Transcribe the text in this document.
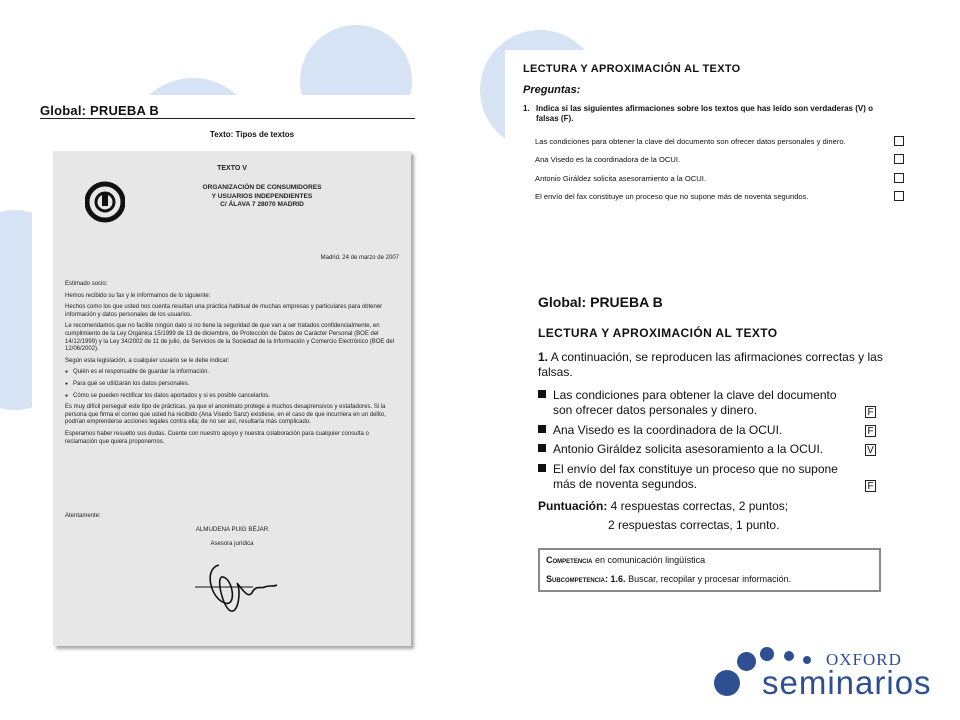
Global: PRUEBA B
Texto: Tipos de textos
TEXTO V
ORGANIZACIÓN DE CONSUMIDORES
Y USUARIOS INDEPENDIENTES
C/ ÁLAVA 7 28070 MADRID
Madrid, 24 de marzo de 2007

Estimado socio:

Hemos recibido su fax y le informamos de lo siguiente:

Hechos como los que usted nos cuenta resultan una práctica habitual de muchas empresas y particulares para obtener información y datos personales de los usuarios.

Le recomendamos que no facilite ningún dato si no tiene la seguridad de que van a ser tratados confidencialmente, en cumplimiento de la Ley Orgánica 15/1999 de 13 de diciembre, de Protección de Datos de Carácter Personal (BOE del 14/12/1999) y la Ley 34/2002 de 11 de julio, de Servicios de la Sociedad de la Información y Comercio Electrónico (BOE del 12/06/2002).

Según esta legislación, a cualquier usuario se le debe indicar:

● Quién es el responsable de guardar la información.

● Para qué se utilizarán los datos personales.

● Cómo se pueden rectificar los datos aportados y si es posible cancelarlos.

Es muy difícil perseguir este tipo de prácticas, ya que el anonimato protege a muchos desaprensivos y estafadores. Si la persona que firma el correo que usted ha recibido (Ana Visedo Sanz) existiese, en el caso de que incurriera en un delito, podrían emprenderse acciones legales contra ella; de no ser así, resultaría más complicado.

Esperamos haber resuelto sus dudas. Cuente con nuestro apoyo y nuestra colaboración para cualquier consulta o reclamación que quiera proponernos.

Atentamente:
ALMUDENA PUIG BÉJAR
Asesora jurídica
LECTURA Y APROXIMACIÓN AL TEXTO
Preguntas:
1. Indica si las siguientes afirmaciones sobre los textos que has leído son verdaderas (V) o falsas (F).
Las condiciones para obtener la clave del documento son ofrecer datos personales y dinero.
Ana Visedo es la coordinadora de la OCUI.
Antonio Giráldez solicita asesoramiento a la OCUI.
El envío del fax constituye un proceso que no supone más de noventa segundos.
Global: PRUEBA B
LECTURA Y APROXIMACIÓN AL TEXTO
1. A continuación, se reproducen las afirmaciones correctas y las falsas.
Las condiciones para obtener la clave del documento
son ofrecer datos personales y dinero.	F
Ana Visedo es la coordinadora de la OCUI.	F
Antonio Giráldez solicita asesoramiento a la OCUI.	V
El envío del fax constituye un proceso que no supone
más de noventa segundos.	F
Puntuación: 4 respuestas correctas, 2 puntos;
2 respuestas correctas, 1 punto.
Competencia en comunicación lingüística
Subcompetencia: 1.6. Buscar, recopilar y procesar información.
OXFORD
seminarios
